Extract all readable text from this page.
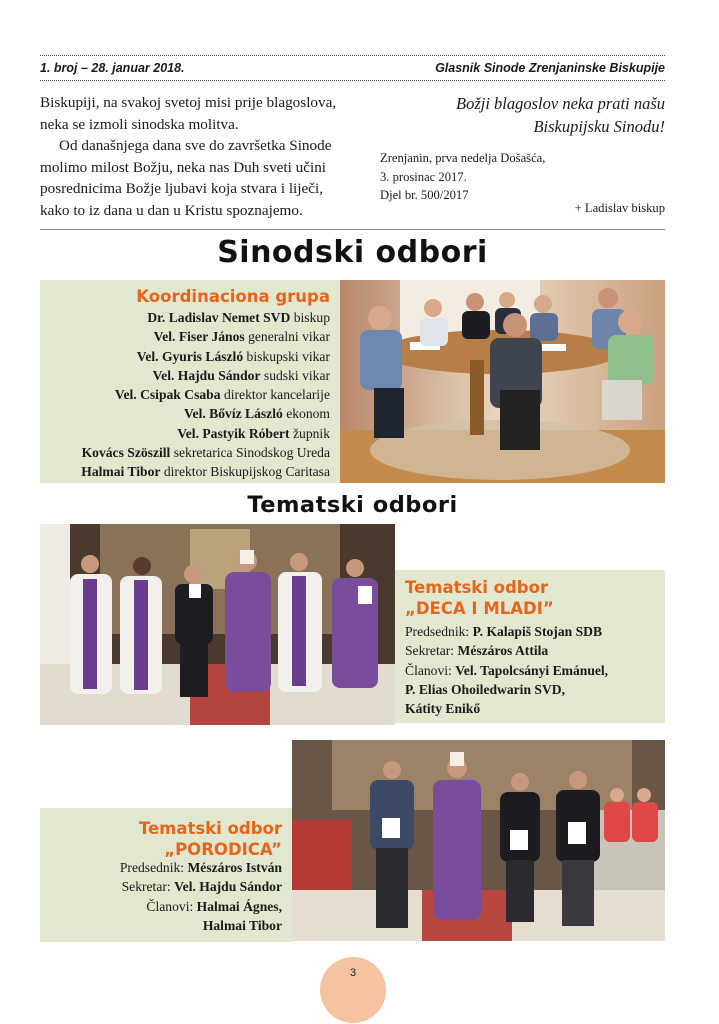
1. broj – 28. januar 2018.	Glasnik Sinode Zrenjaninske Biskupije
Biskupiji, na svakoj svetoj misi prije blagoslova,
neka se izmoli sinodska molitva.
Od današnjega dana sve do završetka Sinode
molimo milost Božju, neka nas Duh sveti učini
posrednicima Božje ljubavi koja stvara i liječi,
kako to iz dana u dan u Kristu spoznajemo.
Božji blagoslov neka prati našu
Biskupijsku Sinodu!
Zrenjanin, prva nedelja Došašća,
3. prosinac 2017.
Djel br. 500/2017
+ Ladislav biskup
Sinodski odbori
Koordinaciona grupa
Dr. Ladislav Nemet SVD biskup
Vel. Fiser János generalni vikar
Vel. Gyuris László biskupski vikar
Vel. Hajdu Sándor sudski vikar
Vel. Csipak Csaba direktor kancelarije
Vel. Bővíz László ekonom
Vel. Pastyik Róbert župnik
Kovács Szöszill sekretarica Sinodskog Ureda
Halmai Tibor direktor Biskupijskog Caritasa
Tematski odbori
Tematski odbor
„DECA I MLADI”
Predsednik: P. Kalapiš Stojan SDB
Sekretar: Mészáros Attila
Članovi: Vel. Tapolcsányi Emánuel,
P. Elias Ohoiledwarin SVD,
Kátity Enikő
Tematski odbor
„PORODICA”
Predsednik: Mészáros István
Sekretar: Vel. Hajdu Sándor
Članovi: Halmai Ágnes,
Halmai Tibor
3
